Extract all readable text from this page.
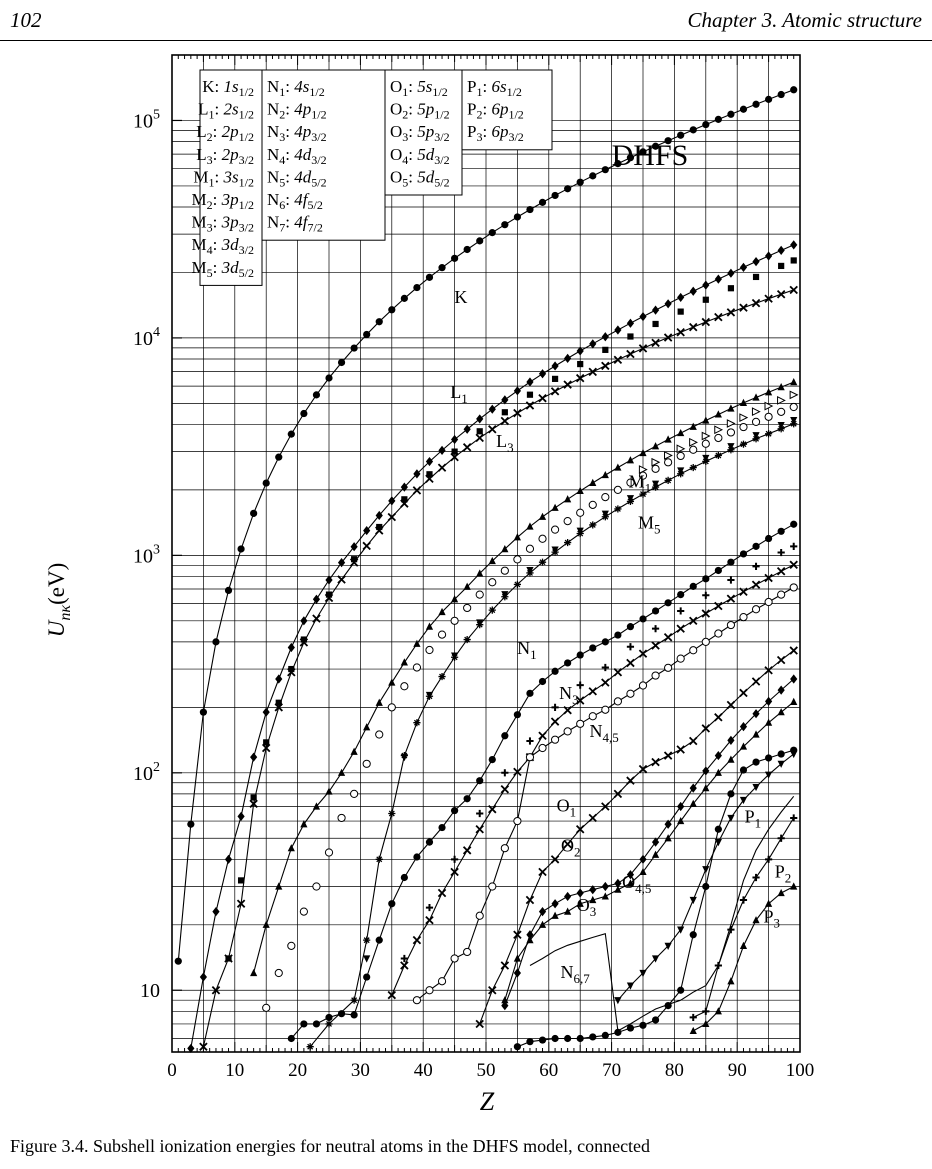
102	Chapter 3. Atomic structure
0	10 20 30 40 50 60 70 80 90 100
10
$10^2$
$10^3$
$10^4$
$10^5$
K: $1s_{1/2}$
$L_1$: $2s_{1/2}$
$L_2$: $2p_{1/2}$
$L_3$: $2p_{3/2}$
$M_1$: $3s_{1/2}$
$M_2$: $3p_{1/2}$
$M_3$: $3p_{3/2}$
$M_4$: $3d_{3/2}$
$M_5$: $3d_{5/2}$
$N_1$: $4s_{1/2}$
$N_2$: $4p_{1/2}$
$N_3$: $4p_{3/2}$
$N_4$: $4d_{3/2}$
$N_5$: $4d_{5/2}$
$N_6$: $4f_{5/2}$
$N_7$: $4f_{7/2}$
$O_1$: $5s_{1/2}$
$O_2$: $5p_{1/2}$
$O_3$: $5p_{3/2}$
$O_4$: $5d_{3/2}$
$O_5$: $5d_{5/2}$
$P_1$: $6s_{1/2}$
$P_2$: $6p_{1/2}$
$P_3$: $6p_{3/2}$
K
$L_1$
$L_3$
$M_1$
$M_5$
$N_1$
$N_3$
$N_{4,5}$
$N_{6,7}$
$O_1$
$O_2$
$O_3$
$O_{4,5}$
$P_1$
$P_2$
$P_3$
DHFS
Z
$U_{n\kappa}(eV)$
Figure 3.4. Subshell ionization energies for neutral atoms in the DHFS model, connected
